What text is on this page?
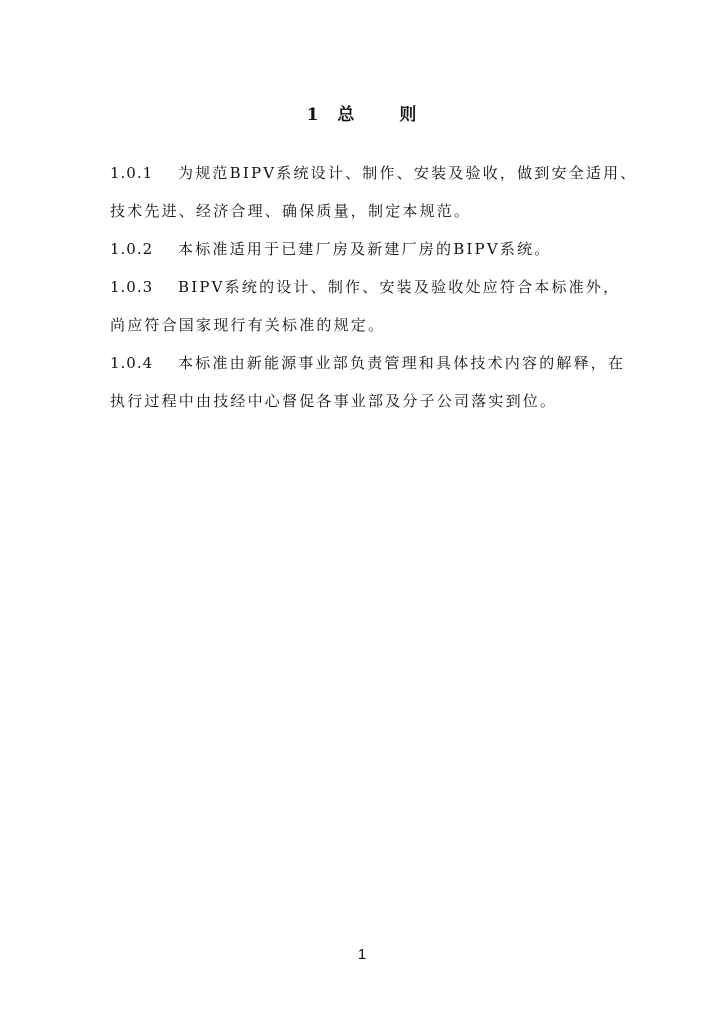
1 总	则
1.0.1	为规范BIPV系统设计、制作、安装及验收，做到安全适用、
技术先进、经济合理、确保质量，制定本规范。
1.0.2	本标准适用于已建厂房及新建厂房的BIPV系统。
1.0.3	BIPV系统的设计、制作、安装及验收处应符合本标准外，
尚应符合国家现行有关标准的规定。
1.0.4	本标准由新能源事业部负责管理和具体技术内容的解释，在
执行过程中由技经中心督促各事业部及分子公司落实到位。
1
